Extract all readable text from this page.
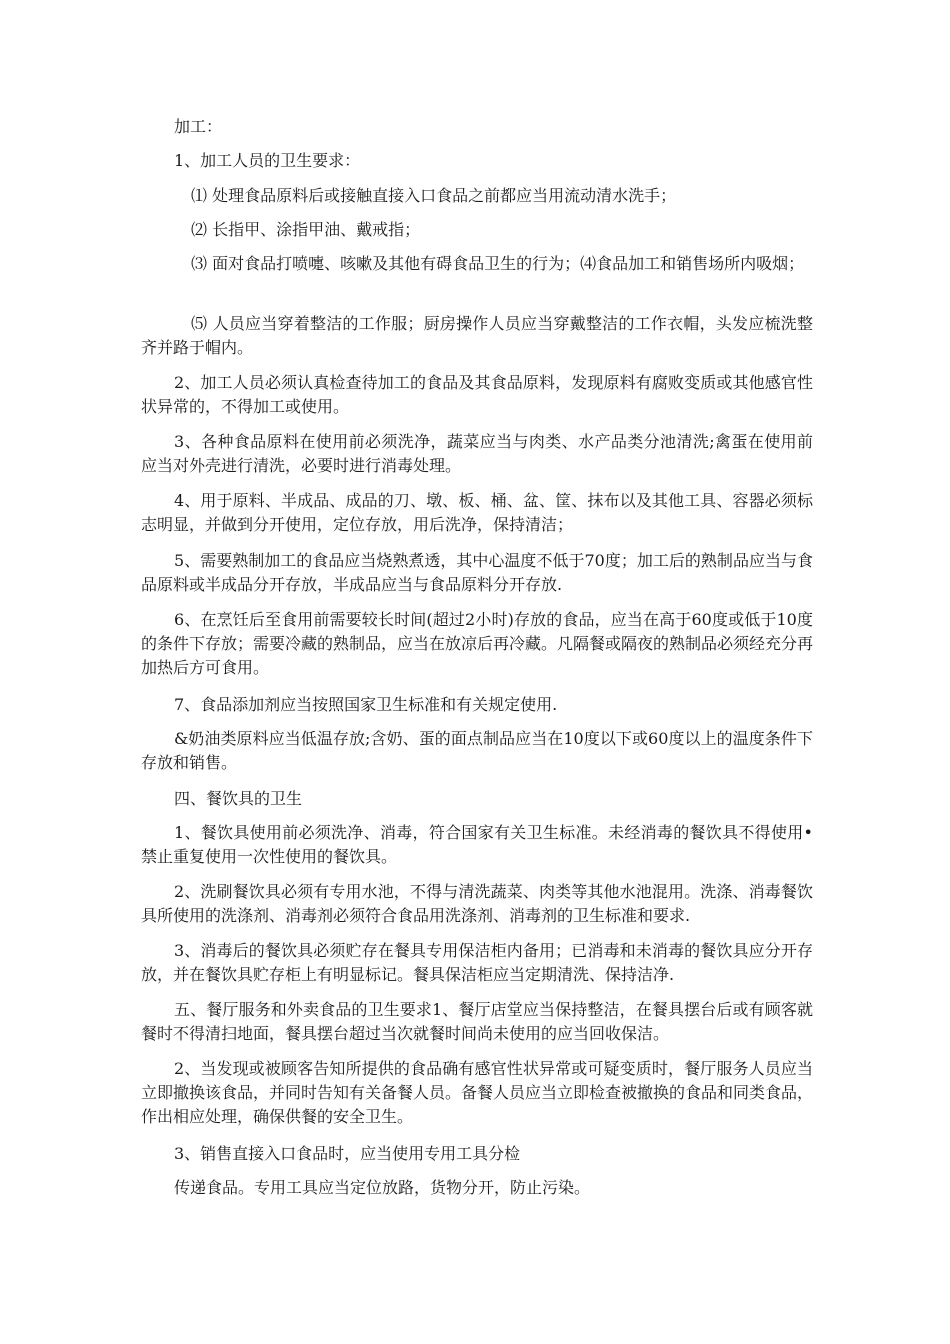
加工：

1、加工人员的卫生要求：

⑴ 处理食品原料后或接触直接入口食品之前都应当用流动清水洗手；

⑵ 长指甲、涂指甲油、戴戒指；

⑶ 面对食品打喷嚏、咳嗽及其他有碍食品卫生的行为；⑷食品加工和销售场所内吸烟；

⑸ 人员应当穿着整洁的工作服；厨房操作人员应当穿戴整洁的工作衣帽，头发应梳洗整齐并路于帽内。

2、加工人员必须认真检查待加工的食品及其食品原料，发现原料有腐败变质或其他感官性状异常的，不得加工或使用。

3、各种食品原料在使用前必须洗净，蔬菜应当与肉类、水产品类分池清洗;禽蛋在使用前应当对外壳进行清洗，必要时进行消毒处理。

4、用于原料、半成品、成品的刀、墩、板、桶、盆、筐、抹布以及其他工具、容器必须标志明显，并做到分开使用，定位存放，用后洗净，保持清洁；

5、需要熟制加工的食品应当烧熟煮透，其中心温度不低于70度；加工后的熟制品应当与食品原料或半成品分开存放，半成品应当与食品原料分开存放.

6、在烹饪后至食用前需要较长时间(超过2小时)存放的食品，应当在高于60度或低于10度的条件下存放；需要冷藏的熟制品，应当在放凉后再冷藏。凡隔餐或隔夜的熟制品必须经充分再加热后方可食用。

7、食品添加剂应当按照国家卫生标准和有关规定使用.

&奶油类原料应当低温存放;含奶、蛋的面点制品应当在10度以下或60度以上的温度条件下存放和销售。

四、餐饮具的卫生

1、餐饮具使用前必须洗净、消毒，符合国家有关卫生标准。未经消毒的餐饮具不得使用•禁止重复使用一次性使用的餐饮具。

2、洗刷餐饮具必须有专用水池，不得与清洗蔬菜、肉类等其他水池混用。洗涤、消毒餐饮具所使用的洗涤剂、消毒剂必须符合食品用洗涤剂、消毒剂的卫生标准和要求.

3、消毒后的餐饮具必须贮存在餐具专用保洁柜内备用；已消毒和未消毒的餐饮具应分开存放，并在餐饮具贮存柜上有明显标记。餐具保洁柜应当定期清洗、保持洁净.

五、餐厅服务和外卖食品的卫生要求1、餐厅店堂应当保持整洁，在餐具摆台后或有顾客就餐时不得清扫地面，餐具摆台超过当次就餐时间尚未使用的应当回收保洁。

2、当发现或被顾客告知所提供的食品确有感官性状异常或可疑变质时，餐厅服务人员应当立即撤换该食品，并同时告知有关备餐人员。备餐人员应当立即检查被撤换的食品和同类食品，作出相应处理，确保供餐的安全卫生。

3、销售直接入口食品时，应当使用专用工具分检

传递食品。专用工具应当定位放路，货物分开，防止污染。
